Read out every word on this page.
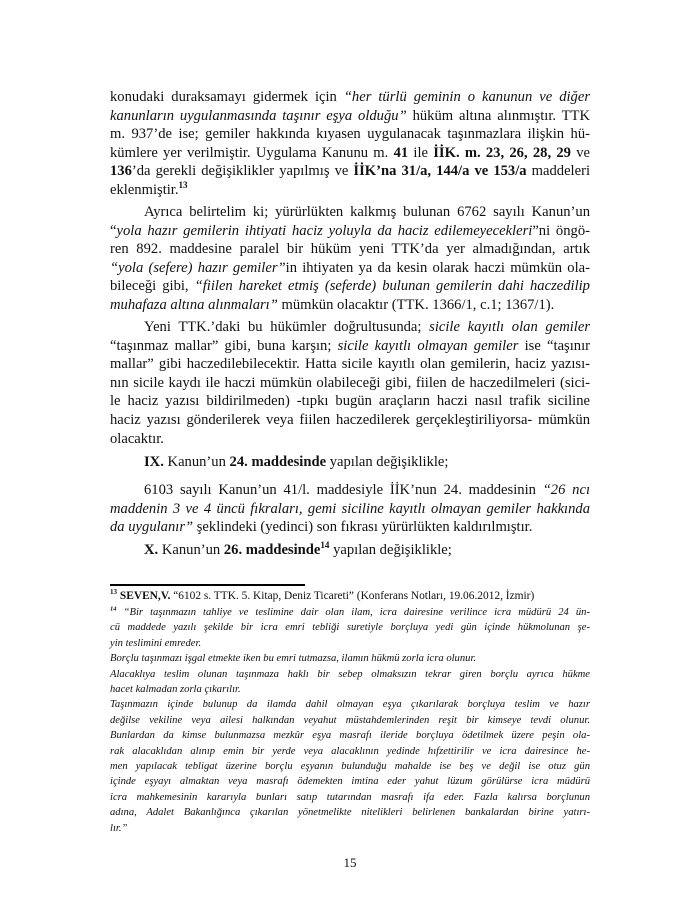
konudaki duraksamayı gidermek için “her türlü geminin o kanunun ve diğer
kanunların uygulanmasında taşınır eşya olduğu” hüküm altına alınmıştır. TTK
m. 937’de ise; gemiler hakkında kıyasen uygulanacak taşınmazlara ilişkin hü-
kümlere yer verilmiştir. Uygulama Kanunu m. 41 ile İİK. m. 23, 26, 28, 29 ve
136’da gerekli değişiklikler yapılmış ve İİK’na 31/a, 144/a ve 153/a maddeleri
eklenmiştir.$^{13}$
Ayrıca belirtelim ki; yürürlükten kalkmış bulunan 6762 sayılı Kanun’un
“yola hazır gemilerin ihtiyati haciz yoluyla da haciz edilemeyecekleri”ni öngö-
ren 892. maddesine paralel bir hüküm yeni TTK’da yer almadığından, artık
“yola (sefere) hazır gemiler”in ihtiyaten ya da kesin olarak haczi mümkün ola-
bileceği gibi, “fiilen hareket etmiş (seferde) bulunan gemilerin dahi haczedilip
muhafaza altına alınmaları” mümkün olacaktır (TTK. 1366/1, c.1; 1367/1).
Yeni TTK.’daki bu hükümler doğrultusunda; sicile kayıtlı olan gemiler
“taşınmaz mallar” gibi, buna karşın; sicile kayıtlı olmayan gemiler ise “taşınır
mallar” gibi haczedilebilecektir. Hatta sicile kayıtlı olan gemilerin, haciz yazısı-
nın sicile kaydı ile haczi mümkün olabileceği gibi, fiilen de haczedilmeleri (sici-
le haciz yazısı bildirilmeden) -tıpkı bugün araçların haczi nasıl trafik siciline
haciz yazısı gönderilerek veya fiilen haczedilerek gerçekleştiriliyorsa- mümkün
olacaktır.
IX. Kanun’un 24. maddesinde yapılan değişiklikle;
6103 sayılı Kanun’un 41/l. maddesiyle İİK’nun 24. maddesinin “26 ncı
maddenin 3 ve 4 üncü fıkraları, gemi siciline kayıtlı olmayan gemiler hakkında
da uygulanır” şeklindeki (yedinci) son fıkrası yürürlükten kaldırılmıştır.
X. Kanun’un 26. maddesinde$^{14}$ yapılan değişiklikle;
$^{13}$ SEVEN,V. “6102 s. TTK. 5. Kitap, Deniz Ticareti” (Konferans Notları, 19.06.2012, İzmir)
$^{14}$ “Bir taşınmazın tahliye ve teslimine dair olan ilam, icra dairesine verilince icra müdürü 24 ün-
cü maddede yazılı şekilde bir icra emri tebliği suretiyle borçluya yedi gün içinde hükmolunan şe-
yin teslimini emreder.
Borçlu taşınmazı işgal etmekte iken bu emri tutmazsa, ilamın hükmü zorla icra olunur.
Alacaklıya teslim olunan taşınmaza haklı bir sebep olmaksızın tekrar giren borçlu ayrıca hükme
hacet kalmadan zorla çıkarılır.
Taşınmazın içinde bulunup da ilamda dahil olmayan eşya çıkarılarak borçluya teslim ve hazır
değilse vekiline veya ailesi halkından veyahut müstahdemlerinden reşit bir kimseye tevdi olunur.
Bunlardan da kimse bulunmazsa mezkûr eşya masrafı ileride borçluya ödetilmek üzere peşin ola-
rak alacaklıdan alınıp emin bir yerde veya alacaklının yedinde hıfzettirilir ve icra dairesince he-
men yapılacak tebligat üzerine borçlu eşyanın bulunduğu mahalde ise beş ve değil ise otuz gün
içinde eşyayı almaktan veya masrafı ödemekten imtina eder yahut lüzum görülürse icra müdürü
icra mahkemesinin kararıyla bunları satıp tutarından masrafı ifa eder. Fazla kalırsa borçlunun
adına, Adalet Bakanlığınca çıkarılan yönetmelikte nitelikleri belirlenen bankalardan birine yatırı-
lır.”
15
